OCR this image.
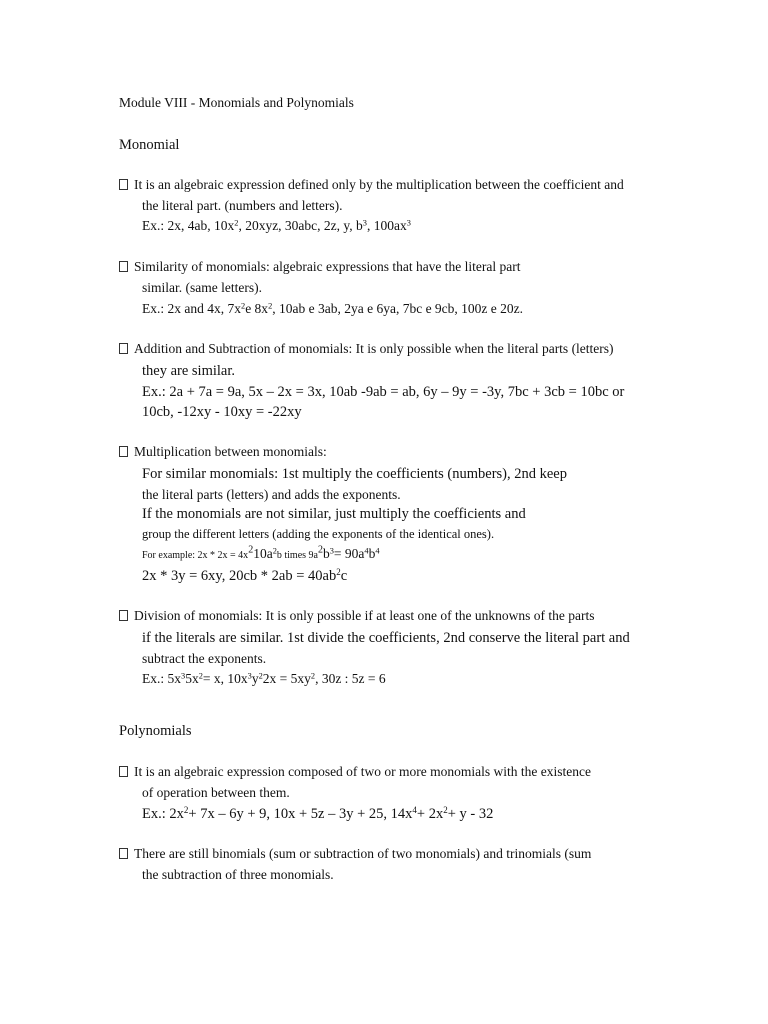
Module VIII - Monomials and Polynomials
Monomial
It is an algebraic expression defined only by the multiplication between the coefficient and
the literal part. (numbers and letters).
Ex.: 2x, 4ab, $10x^2$, 20xyz, 30abc, 2z, y, $b^3$, $100ax^3$
Similarity of monomials: algebraic expressions that have the literal part
similar. (same letters).
Ex.: 2x and 4x, $7x^2e$ $8x^2$, 10ab e 3ab, 2ya e 6ya, 7bc e 9cb, 100z e 20z.
Addition and Subtraction of monomials: It is only possible when the literal parts (letters)
they are similar.
Ex.: 2a + 7a = 9a, 5x – 2x = 3x, 10ab -9ab = ab, 6y – 9y = -3y, 7bc + 3cb = 10bc or
10cb, -12xy - 10xy = -22xy
Multiplication between monomials:
For similar monomials: 1st multiply the coefficients (numbers), 2nd keep
the literal parts (letters) and adds the exponents.
If the monomials are not similar, just multiply the coefficients and
group the different letters (adding the exponents of the identical ones).
For example: $2x * 2x = 4x^210a^2b$ times $9a^2b^3= 90a^4b^4$
2x * 3y = 6xy, $20cb * 2ab = 40ab^2c$
Division of monomials: It is only possible if at least one of the unknowns of the parts
if the literals are similar. 1st divide the coefficients, 2nd conserve the literal part and
subtract the exponents.
Ex.: $5x^35x^2= x$, $10x^3y^22x = 5xy^2$, 30z : 5z = 6
Polynomials
It is an algebraic expression composed of two or more monomials with the existence
of operation between them.
Ex.: $2x^2+ 7x - 6y + 9$, 10x + 5z – 3y + 25, $14x^4+ 2x^2+ y - 32$
There are still binomials (sum or subtraction of two monomials) and trinomials (sum
the subtraction of three monomials.
